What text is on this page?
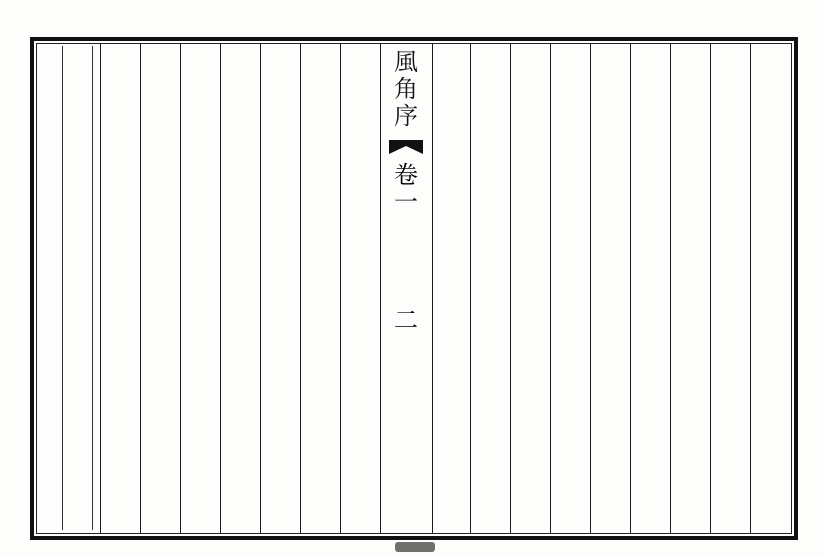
風
角
序
卷
一
二
